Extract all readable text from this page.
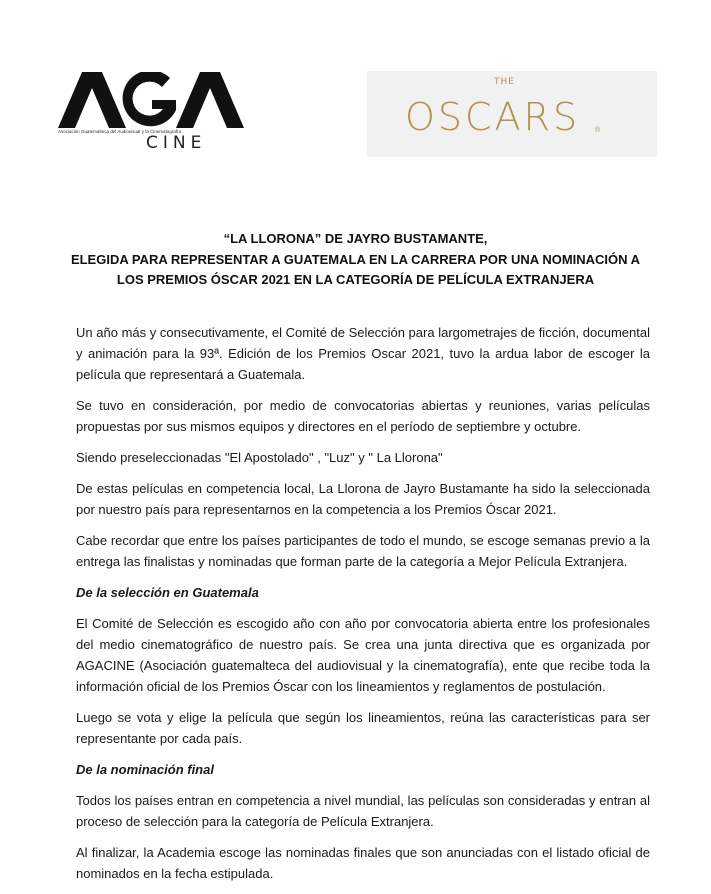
Asociación Guatemalteca del Audiovisual y la Cinematografía
CINE
THE
OSCARS ®
“LA LLORONA” DE JAYRO BUSTAMANTE,
ELEGIDA PARA REPRESENTAR A GUATEMALA EN LA CARRERA POR UNA NOMINACIÓN A
LOS PREMIOS ÓSCAR 2021 EN LA CATEGORÍA DE PELÍCULA EXTRANJERA

Un año más y consecutivamente, el Comité de Selección para largometrajes de ficción, documental y animación para la 93ª. Edición de los Premios Oscar 2021, tuvo la ardua labor de escoger la película que representará a Guatemala.

Se tuvo en consideración, por medio de convocatorias abiertas y reuniones, varias películas propuestas por sus mismos equipos y directores en el período de septiembre y octubre.

Siendo preseleccionadas "El Apostolado" , "Luz" y " La Llorona"

De estas películas en competencia local, La Llorona de Jayro Bustamante ha sido la seleccionada por nuestro país para representarnos en la competencia a los Premios Óscar 2021.

Cabe recordar que entre los países participantes de todo el mundo, se escoge semanas previo a la entrega las finalistas y nominadas que forman parte de la categoría a Mejor Película Extranjera.

De la selección en Guatemala

El Comité de Selección es escogido año con año por convocatoria abierta entre los profesionales del medio cinematográfico de nuestro país. Se crea una junta directiva que es organizada por AGACINE (Asociación guatemalteca del audiovisual y la cinematografía), ente que recibe toda la información oficial de los Premios Óscar con los lineamientos y reglamentos de postulación.

Luego se vota y elige la película que según los lineamientos, reúna las características para ser representante por cada país.

De la nominación final

Todos los países entran en competencia a nivel mundial, las películas son consideradas y entran al proceso de selección para la categoría de Película Extranjera.

Al finalizar, la Academia escoge las nominadas finales que son anunciadas con el listado oficial de nominados en la fecha estipulada.
